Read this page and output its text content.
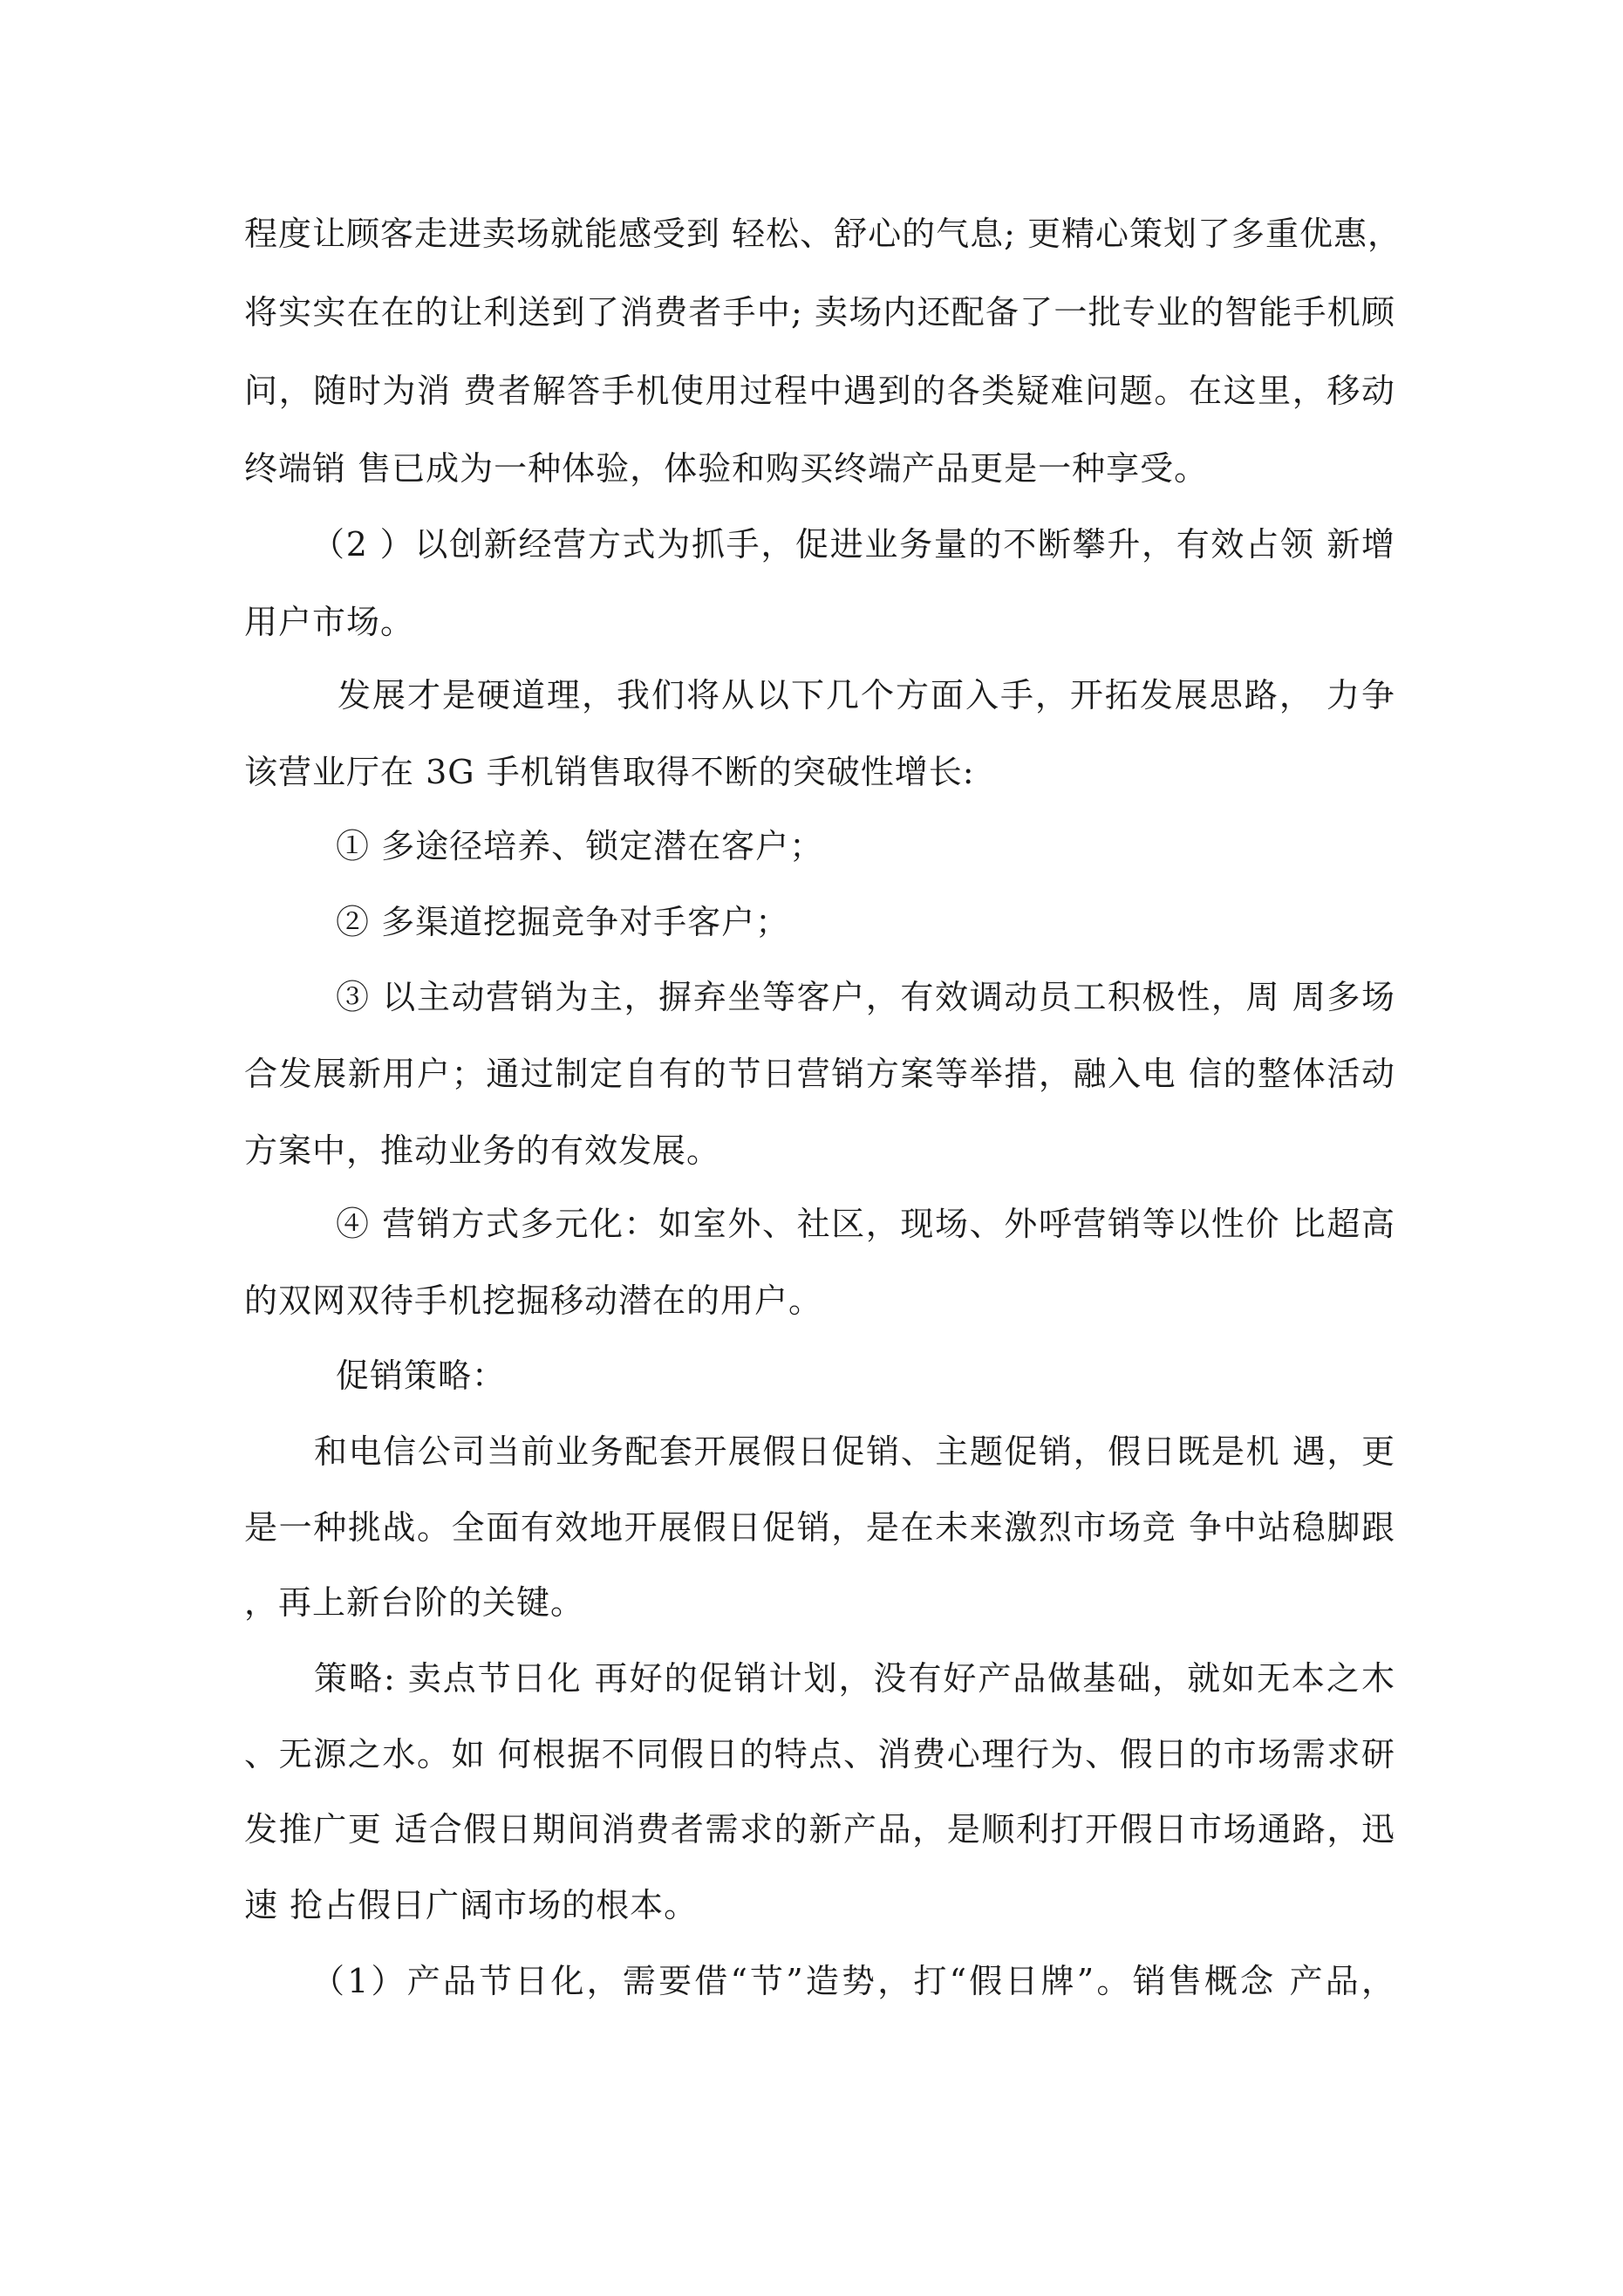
程度让顾客走进卖场就能感受到 轻松、舒心的气息; 更精心策划了多重优惠，
将实实在在的让利送到了消费者手中; 卖场内还配备了一批专业的智能手机顾
问，随时为消 费者解答手机使用过程中遇到的各类疑难问题。在这里，移动
终端销 售已成为一种体验，体验和购买终端产品更是一种享受。
（2 ）以创新经营方式为抓手，促进业务量的不断攀升，有效占领 新增
用户市场。
发展才是硬道理，我们将从以下几个方面入手，开拓发展思路， 力争
该营业厅在 3G 手机销售取得不断的突破性增长:
① 多途径培养、锁定潜在客户；
② 多渠道挖掘竞争对手客户；
③ 以主动营销为主，摒弃坐等客户，有效调动员工积极性，周 周多场
合发展新用户；通过制定自有的节日营销方案等举措，融入电 信的整体活动
方案中，推动业务的有效发展。
④ 营销方式多元化：如室外、社区，现场、外呼营销等以性价 比超高
的双网双待手机挖掘移动潜在的用户。
促销策略：
和电信公司当前业务配套开展假日促销、主题促销，假日既是机 遇，更
是一种挑战。全面有效地开展假日促销，是在未来激烈市场竞 争中站稳脚跟
，再上新台阶的关键。
策略: 卖点节日化 再好的促销计划，没有好产品做基础，就如无本之木
、无源之水。如 何根据不同假日的特点、消费心理行为、假日的市场需求研
发推广更 适合假日期间消费者需求的新产品，是顺利打开假日市场通路，迅
速 抢占假日广阔市场的根本。
（1）产品节日化，需要借“节”造势，打“假日牌”。销售概念 产品，
